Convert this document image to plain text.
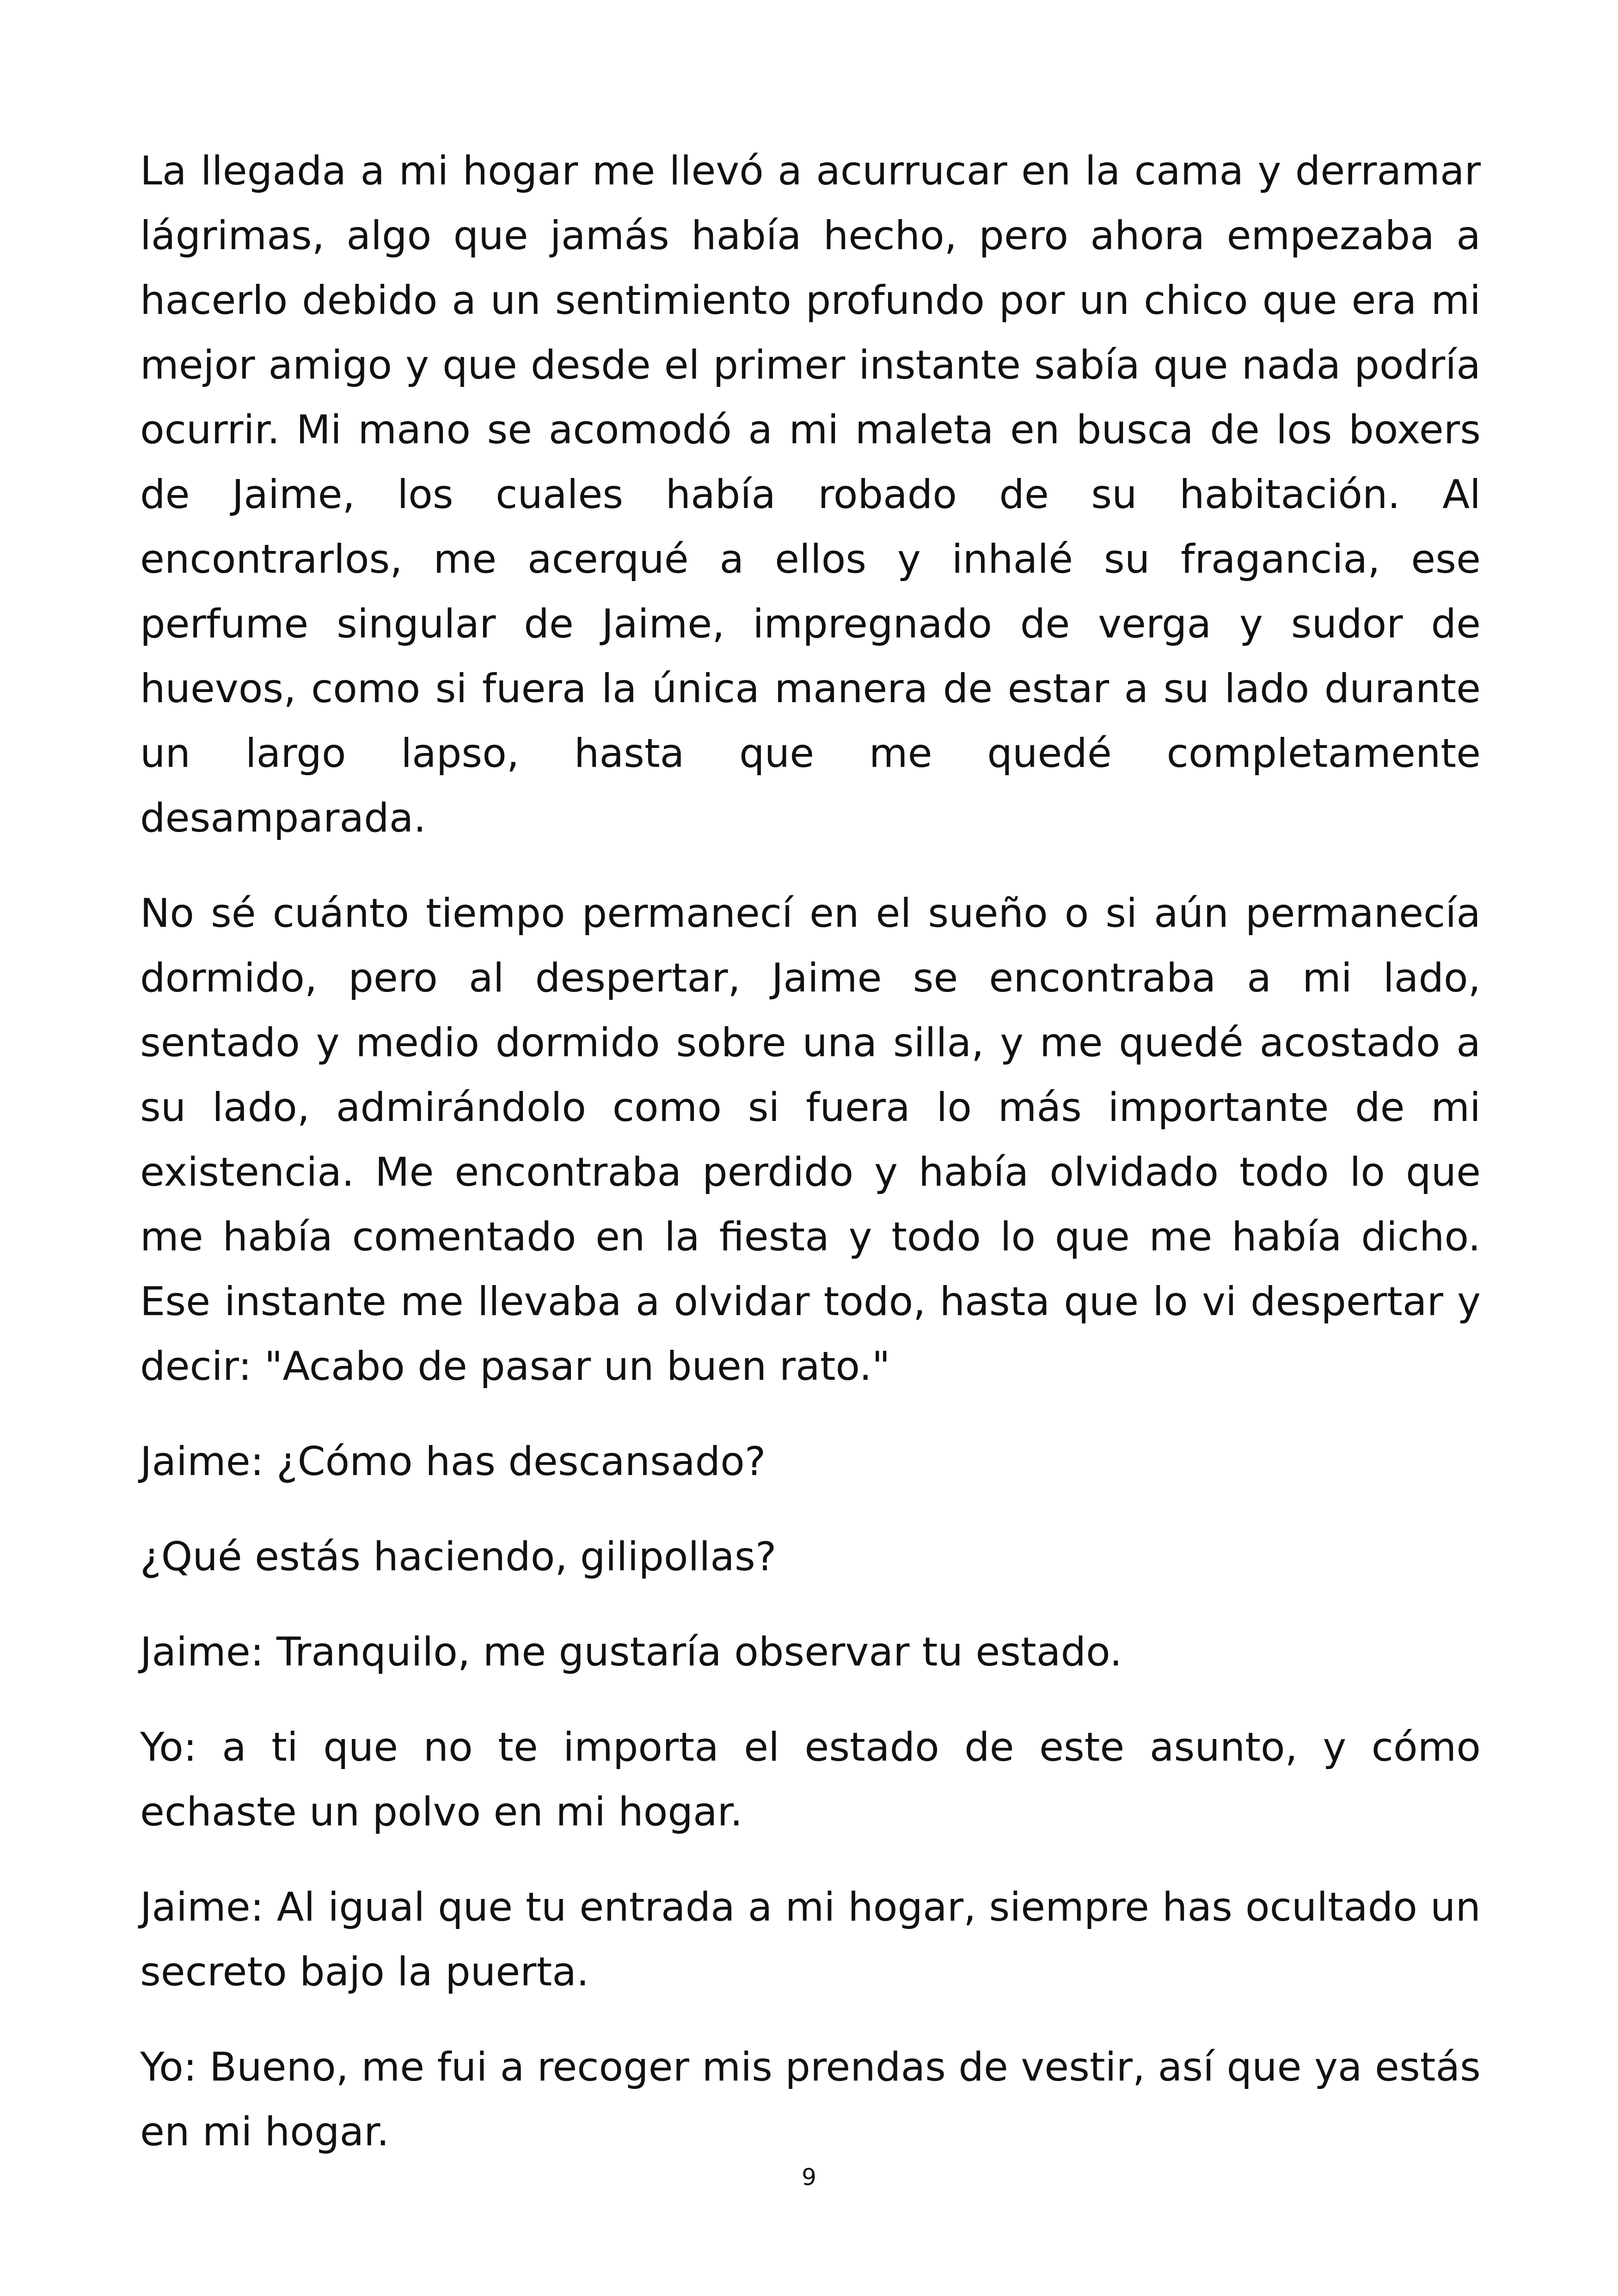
La llegada a mi hogar me llevó a acurrucar en la cama y derramar lágrimas, algo que jamás había hecho, pero ahora empezaba a hacerlo debido a un sentimiento profundo por un chico que era mi mejor amigo y que desde el primer instante sabía que nada podría ocurrir. Mi mano se acomodó a mi maleta en busca de los boxers de Jaime, los cuales había robado de su habitación. Al encontrarlos, me acerqué a ellos y inhalé su fragancia, ese perfume singular de Jaime, impregnado de verga y sudor de huevos, como si fuera la única manera de estar a su lado durante un largo lapso, hasta que me quedé completamente desamparada.

No sé cuánto tiempo permanecí en el sueño o si aún permanecía dormido, pero al despertar, Jaime se encontraba a mi lado, sentado y medio dormido sobre una silla, y me quedé acostado a su lado, admirándolo como si fuera lo más importante de mi existencia. Me encontraba perdido y había olvidado todo lo que me había comentado en la fiesta y todo lo que me había dicho. Ese instante me llevaba a olvidar todo, hasta que lo vi despertar y decir: "Acabo de pasar un buen rato."

Jaime: ¿Cómo has descansado?

¿Qué estás haciendo, gilipollas?

Jaime: Tranquilo, me gustaría observar tu estado.

Yo: a ti que no te importa el estado de este asunto, y cómo echaste un polvo en mi hogar.

Jaime: Al igual que tu entrada a mi hogar, siempre has ocultado un secreto bajo la puerta.

Yo: Bueno, me fui a recoger mis prendas de vestir, así que ya estás en mi hogar.

9
